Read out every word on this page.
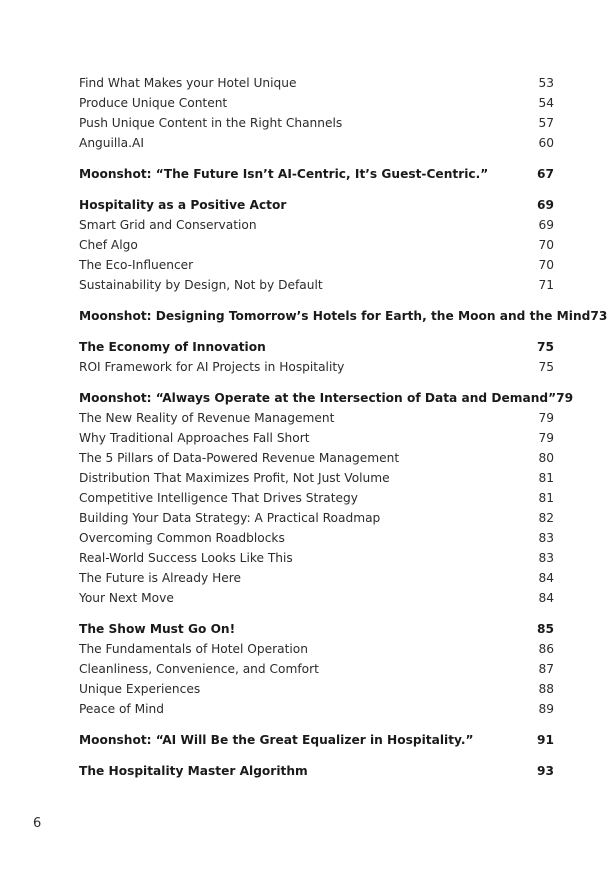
Find What Makes your Hotel Unique	53
Produce Unique Content	54
Push Unique Content in the Right Channels	57
Anguilla.AI	60
Moonshot: “The Future Isn’t AI-Centric, It’s Guest-Centric.”	67
Hospitality as a Positive Actor	69
Smart Grid and Conservation	69
Chef Algo	70
The Eco-Influencer	70
Sustainability by Design, Not by Default	71
Moonshot: Designing Tomorrow’s Hotels for Earth, the Moon and the Mind 73
The Economy of Innovation	75
ROI Framework for AI Projects in Hospitality	75
Moonshot: “Always Operate at the Intersection of Data and Demand” 79
The New Reality of Revenue Management	79
Why Traditional Approaches Fall Short	79
The 5 Pillars of Data-Powered Revenue Management	80
Distribution That Maximizes Profit, Not Just Volume	81
Competitive Intelligence That Drives Strategy	81
Building Your Data Strategy: A Practical Roadmap	82
Overcoming Common Roadblocks	83
Real-World Success Looks Like This	83
The Future is Already Here	84
Your Next Move	84
The Show Must Go On!	85
The Fundamentals of Hotel Operation	86
Cleanliness, Convenience, and Comfort	87
Unique Experiences	88
Peace of Mind	89
Moonshot: “AI Will Be the Great Equalizer in Hospitality.”	91
The Hospitality Master Algorithm	93
6
